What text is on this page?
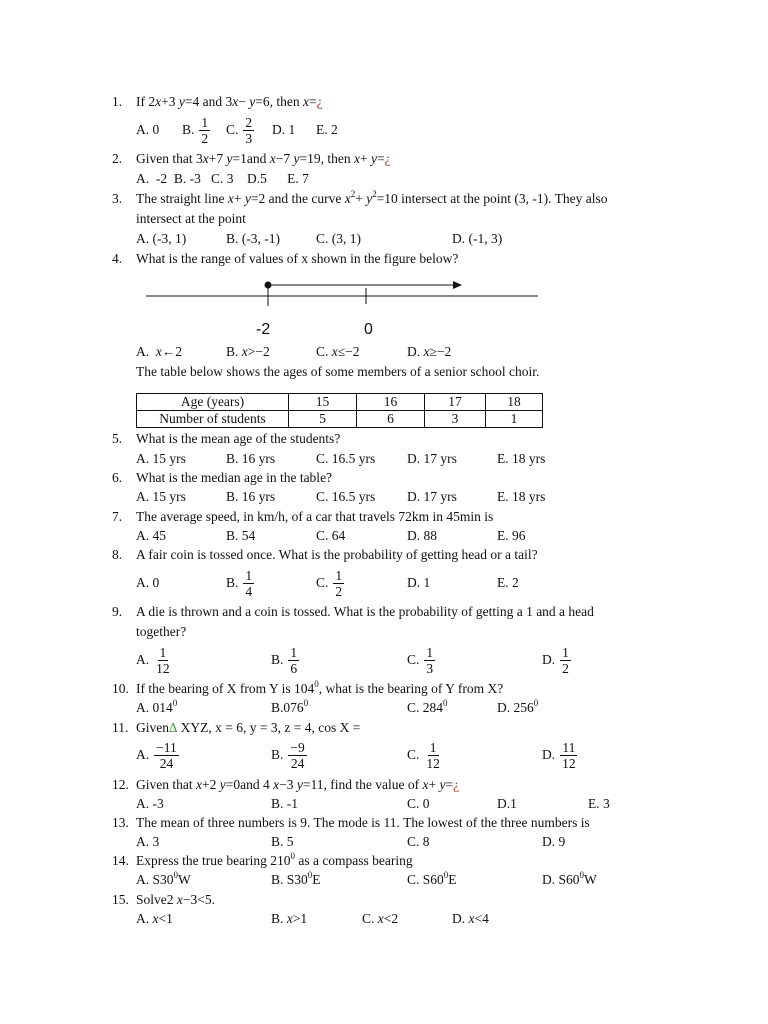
1. If 2x+3 y=4 and 3x− y=6, then x=¿
A. 0 B. $\frac{1}{2} C$. $\frac{2}{3} D$. 1 E. 2
2. Given that 3x+7 y=1and x−7 y=19, then x+ y=¿
A.  -2  B. -3   C. 3    D.5      E. 7
3. The straight line x+ y=2 and the curve $x^2+ y^2=10$ intersect at the point (3, -1). They also
intersect at the point
A. (-3, 1)	B. (-3, -1)	C. (3, 1)	D. (-1, 3)
4. What is the range of values of x shown in the figure below?
-2	0
A. x←2	B. x>−2	C. x≤−2	D. x≥−2
The table below shows the ages of some members of a senior school choir.
Age (years)	15	16	17	18
Number of students	5	6	3	1
5. What is the mean age of the students?
A. 15 yrs	B. 16 yrs	C. 16.5 yrs D. 17 yrs	E. 18 yrs
6. What is the median age in the table?
A. 15 yrs	B. 16 yrs	C. 16.5 yrs D. 17 yrs	E. 18 yrs
7. The average speed, in km/h, of a car that travels 72km in 45min is
A. 45	B. 54	C. 64	D. 88	E. 96
8. A fair coin is tossed once. What is the probability of getting head or a tail?
A. 0	B. $\frac{1}{4}$	C. $\frac{1}{2}$	D. 1	E. 2
9. A die is thrown and a coin is tossed. What is the probability of getting a 1 and a head
together?
A. $\frac{1}{12}$	B. $\frac{1}{6}$	C. $\frac{1}{3}$	D. $\frac{1}{2}$
10. If the bearing of X from Y is $104^0$, what is the bearing of Y from X?
A. $014^0$	B.076$^0$	C. $284^0$	D. $256^0$
11. Given∆ XYZ, x = 6, y = 3, z = 4, cos X =
A. $\frac{-11}{24}$	B. $\frac{-9}{24}$	C. $\frac{1}{12}$	D. $\frac{11}{12}$
12.Given that x+2 y=0and 4 x−3 y=11, find the value of x+ y=¿
A. -3	B. -1	C. 0	D.1	E. 3
13. The mean of three numbers is 9. The mode is 11. The lowest of the three numbers is
A. 3	B. 5	C. 8	D. 9
14. Express the true bearing $210^0$ as a compass bearing
A. $S30^0W$	B. $S30^0E$	C. $S60^0E$	D. $S60^0W$
15. Solve2 x−3<5.
A. x<1	B. x>1	C. x<2	D. x<4
